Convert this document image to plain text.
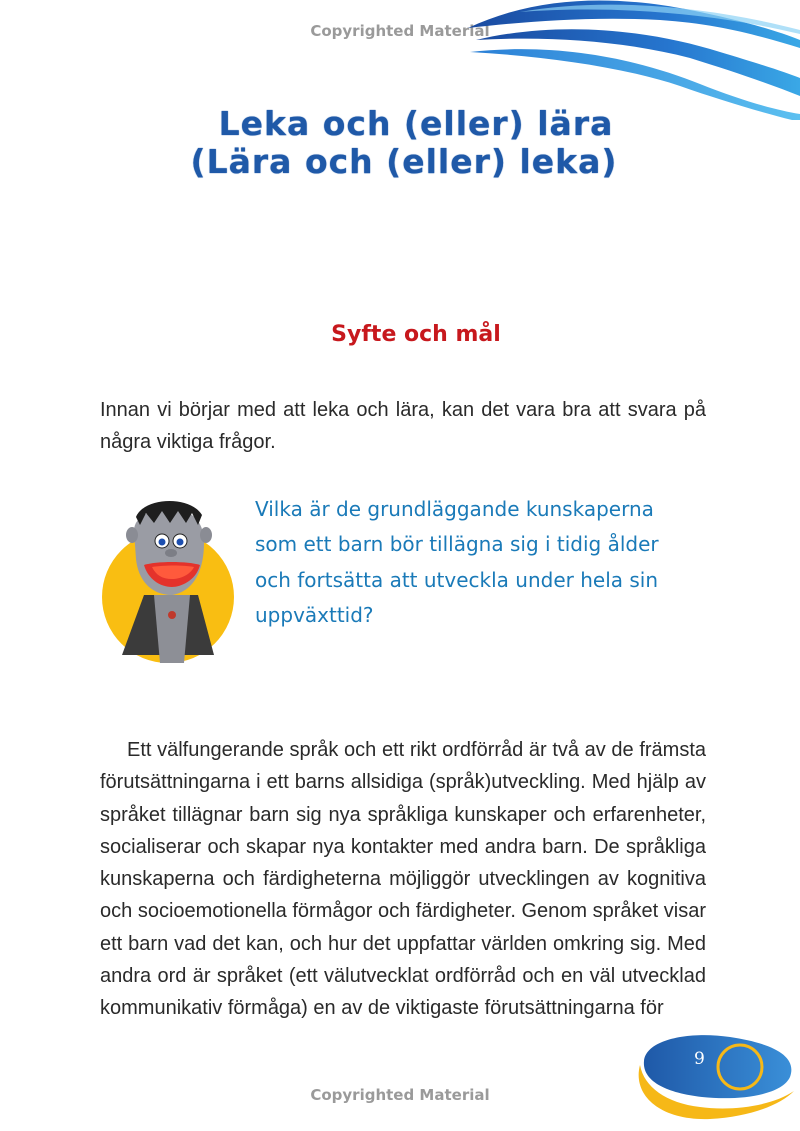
Copyrighted Material
Leka och (eller) lära
(Lära och (eller) leka)
Syfte och mål
Innan vi börjar med att leka och lära, kan det vara bra att svara på några viktiga frågor.
Vilka är de grundläggande kunskaperna som ett barn bör tillägna sig i tidig ålder och fortsätta att utveckla under hela sin uppväxttid?
Ett välfungerande språk och ett rikt ordförråd är två av de främsta förutsättningarna i ett barns allsidiga (språk)utveckling. Med hjälp av språket tillägnar barn sig nya språkliga kunskaper och erfarenheter, socialiserar och skapar nya kontakter med andra barn. De språkliga kunskaperna och färdigheterna möjliggör utvecklingen av kognitiva och socioemotionella förmågor och färdigheter. Genom språket visar ett barn vad det kan, och hur det uppfattar världen omkring sig. Med andra ord är språket (ett välutvecklat ordförråd och en väl utvecklad kommunikativ förmåga) en av de viktigaste förutsättningarna för
9
Copyrighted Material
